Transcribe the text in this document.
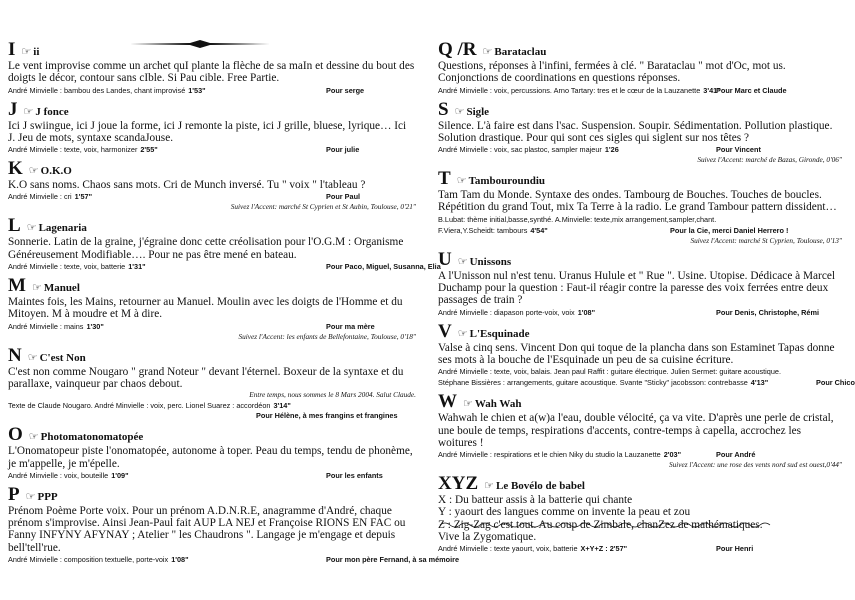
I ☞ ii
Le vent improvise comme un archet quI plante la flèche de sa maIn et dessine du bout des doigts le décor, contour sans cIble. Si Pau cible. Free Partie.
André Minvielle : bambou des Landes, chant improvisé 1'53"	Pour serge
J ☞ J fonce
Ici J swiingue, ici J joue la forme, ici J remonte la piste, ici J grille, bluese, lyrique… Ici J. Jeu de mots, syntaxe scandaJouse.
André Minvielle : texte, voix, harmonizer 2'55"	Pour julie
K ☞ O.K.O
K.O sans noms. Chaos sans mots. Cri de Munch inversé. Tu " voix " l'tableau ?
André Minvielle : cri 1'57"	Pour Paul
Suivez l'Accent: marché St Cyprien et St Aubin, Toulouse, 0'21"
L ☞ Lagenaria
Sonnerie. Latin de la graine, j'égraine donc cette créolisation pour l'O.G.M : Organisme Généreusement Modifiable…. Pour ne pas être mené en bateau.
André Minvielle : texte, voix, batterie 1'31"	Pour Paco, Miguel, Susanna, Elia
M ☞ Manuel
Maintes fois, les Mains, retourner au Manuel. Moulin avec les doigts de l'Homme et du Mitoyen. M à moudre et M à dire.
André Minvielle : mains 1'30"	Pour ma mère
Suivez l'Accent: les enfants de Bellefontaine, Toulouse, 0'18"
N ☞ C'est Non
C'est non comme Nougaro " grand Noteur " devant l'éternel. Boxeur de la syntaxe et du parallaxe, vainqueur par chaos debout.
Entre temps, nous sommes le 8 Mars 2004. Salut Claude.
Texte de Claude Nougaro. André Minvielle : voix, perc. Lionel Suarez : accordéon 3'14"
Pour Hélène, à mes frangins et frangines
O ☞ Photomatonomatopée
L'Onomatopeur piste l'onomatopée, autonome à toper. Peau du temps, tendu de phonème, je m'appelle, je m'épelle.
André Minvielle : voix, bouteille 1'09"	Pour les enfants
P ☞ PPP
Prénom Poème Porte voix. Pour un prénom A.D.N.R.E, anagramme d'André, chaque prénom s'improvise. Ainsi Jean-Paul fait AUP LA NEJ et Françoise RIONS EN FAC ou Fanny INFYNY AFYNAY ; Atelier " les Chaudrons ". Langage je m'engage et depuis bell'tell'rue.
André Minvielle : composition textuelle, porte-voix 1'08"	Pour mon père Fernand, à sa mémoire
Q /R ☞ Barataclau
Questions, réponses à l'infini, fermées à clé. " Barataclau " mot d'Oc, mot us. Conjonctions de coordinations en questions réponses.
André Minvielle : voix, percussions. Arno Tartary: tres et le cœur de la Lauzanette 3'41"
Pour Marc et Claude
S ☞ Sigle
Silence. L'à faire est dans l'sac. Suspension. Soupir. Sédimentation. Pollution plastique. Solution drastique. Pour qui sont ces sigles qui siglent sur nos têtes ?
André Minvielle : voix, sac plastoc, sampler majeur 1'26	Pour Vincent
Suivez l'Accent: marché de Bazas, Gironde, 0'06"
T ☞ Tambouroundiu
Tam Tam du Monde. Syntaxe des ondes. Tambourg de Bouches. Touches de boucles. Répétition du grand Tout, mix Ta Terre à la radio. Le grand Tambour pattern dissident…
B.Lubat: thème initial,basse,synthé. A.Minvielle: texte,mix arrangement,sampler,chant.
F.Viera,Y.Scheidt: tambours 4'54"	Pour la Cie, merci Daniel Herrero !
Suivez l'Accent: marché St Cyprien, Toulouse, 0'13"
U ☞ Unissons
A l'Unisson nul n'est tenu. Uranus Hulule et " Rue ". Usine. Utopise. Dédicace à Marcel Duchamp pour la question : Faut-il réagir contre la paresse des voix ferrées entre deux passages de train ?
André Minvielle : diapason porte-voix, voix 1'08"	Pour Denis, Christophe, Rémi
V ☞ L'Esquinade
Valse à cinq sens. Vincent Don qui toque de la plancha dans son Estaminet Tapas donne ses mots à la bouche de l'Esquinade un peu de sa cuisine écriture.
André Minvielle : texte, voix, balais. Jean paul Raffit : guitare électrique. Julien Sermet: guitare acoustique.
Stéphane Bissières : arrangements, guitare acoustique. Svante "Sticky" jacobsson: contrebasse 4'13"	Pour Chico
W ☞ Wah Wah
Wahwah le chien et a(w)a l'eau, double vélocité, ça va vite. D'après une perle de cristal, une boule de temps, respirations d'accents, contre-temps à capella, accrochez les woitures !
André Minvielle : respirations et le chien Niky du studio la Lauzanette 2'03"	Pour André
Suivez l'Accent: une rose des vents nord sud est ouest,0'44"
XYZ ☞ Le Bovélo de babel
X : Du batteur assis à la batterie qui chante
Y : yaourt des langues comme on invente la peau et zou
Z : Zig-Zag c'est tout. Au coup de Zimbale, chanZez de mathématiques.
Vive la Zygomatique.
André Minvielle : texte yaourt, voix, batterie X+Y+Z : 2'57"	Pour Henri
